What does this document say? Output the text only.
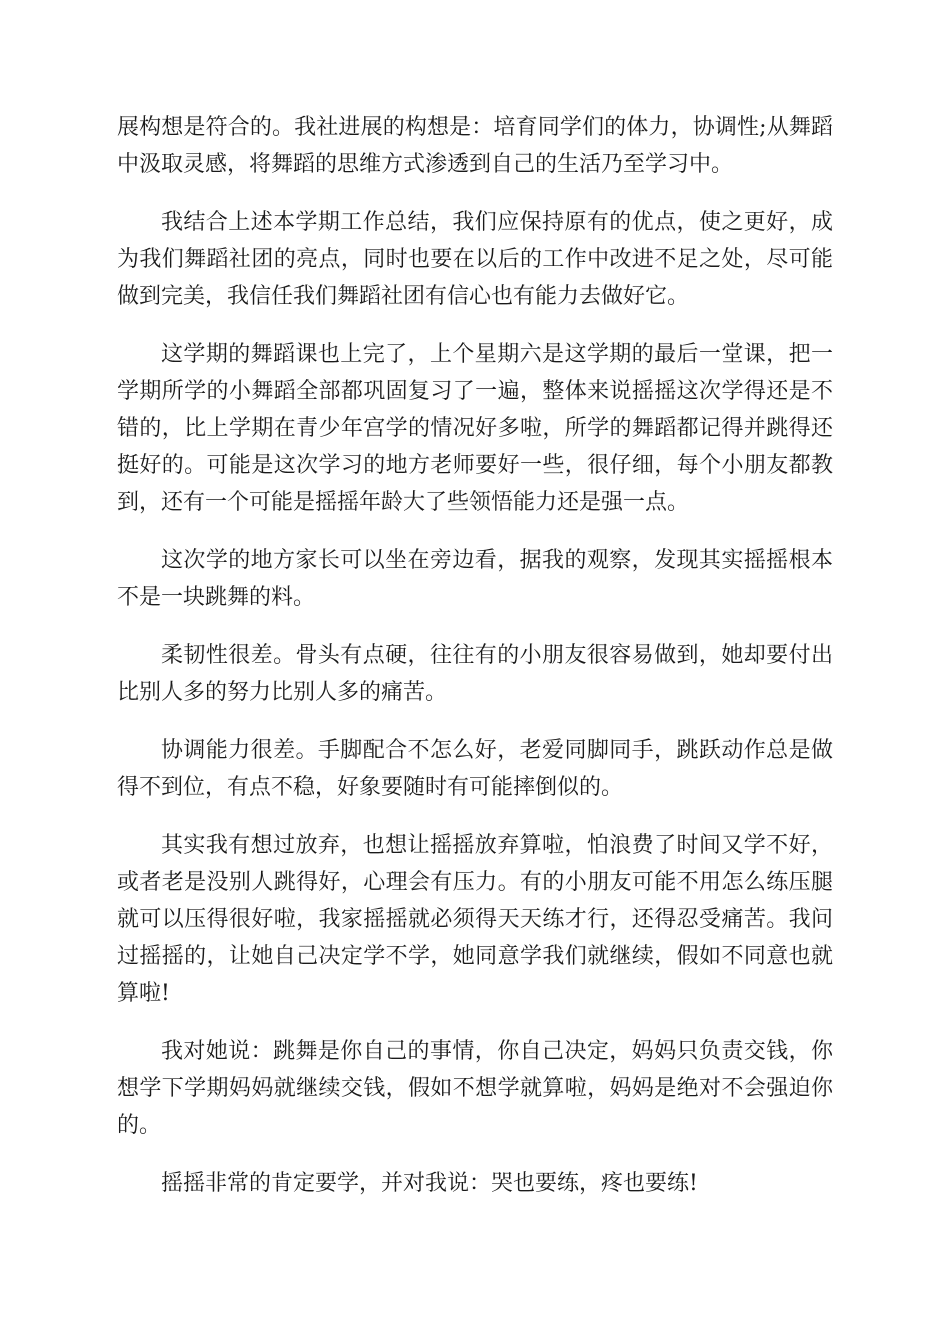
展构想是符合的。我社进展的构想是：培育同学们的体力，协调性;从舞蹈中汲取灵感，将舞蹈的思维方式渗透到自己的生活乃至学习中。

我结合上述本学期工作总结，我们应保持原有的优点，使之更好，成为我们舞蹈社团的亮点，同时也要在以后的工作中改进不足之处，尽可能做到完美，我信任我们舞蹈社团有信心也有能力去做好它。

这学期的舞蹈课也上完了，上个星期六是这学期的最后一堂课，把一学期所学的小舞蹈全部都巩固复习了一遍，整体来说摇摇这次学得还是不错的，比上学期在青少年宫学的情况好多啦，所学的舞蹈都记得并跳得还挺好的。可能是这次学习的地方老师要好一些，很仔细，每个小朋友都教到，还有一个可能是摇摇年龄大了些领悟能力还是强一点。

这次学的地方家长可以坐在旁边看，据我的观察，发现其实摇摇根本不是一块跳舞的料。

柔韧性很差。骨头有点硬，往往有的小朋友很容易做到，她却要付出比别人多的努力比别人多的痛苦。

协调能力很差。手脚配合不怎么好，老爱同脚同手，跳跃动作总是做得不到位，有点不稳，好象要随时有可能摔倒似的。

其实我有想过放弃，也想让摇摇放弃算啦，怕浪费了时间又学不好，或者老是没别人跳得好，心理会有压力。有的小朋友可能不用怎么练压腿就可以压得很好啦，我家摇摇就必须得天天练才行，还得忍受痛苦。我问过摇摇的，让她自己决定学不学，她同意学我们就继续，假如不同意也就算啦!

我对她说：跳舞是你自己的事情，你自己决定，妈妈只负责交钱，你想学下学期妈妈就继续交钱，假如不想学就算啦，妈妈是绝对不会强迫你的。

摇摇非常的肯定要学，并对我说：哭也要练，疼也要练!
